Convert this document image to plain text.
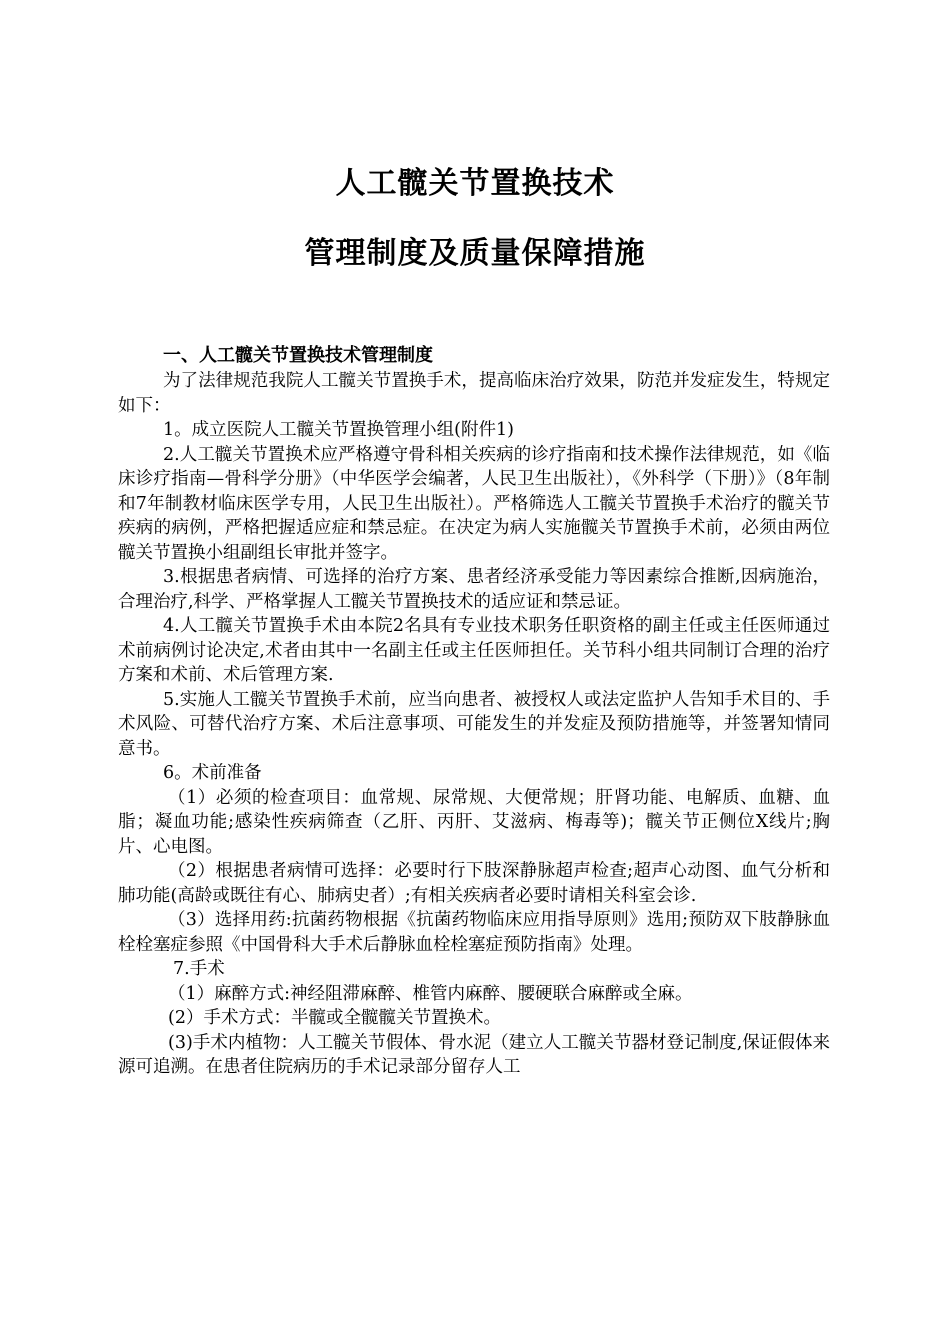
人工髋关节置换技术
管理制度及质量保障措施
一、人工髋关节置换技术管理制度

为了法律规范我院人工髋关节置换手术，提高临床治疗效果，防范并发症发生，特规定如下：

1。成立医院人工髋关节置换管理小组(附件1)

2.人工髋关节置换术应严格遵守骨科相关疾病的诊疗指南和技术操作法律规范，如《临床诊疗指南—骨科学分册》（中华医学会编著，人民卫生出版社），《外科学（下册）》（8年制和7年制教材临床医学专用，人民卫生出版社）。严格筛选人工髋关节置换手术治疗的髋关节疾病的病例，严格把握适应症和禁忌症。在决定为病人实施髋关节置换手术前，必须由两位髋关节置换小组副组长审批并签字。

3.根据患者病情、可选择的治疗方案、患者经济承受能力等因素综合推断,因病施治，合理治疗,科学、严格掌握人工髋关节置换技术的适应证和禁忌证。

4.人工髋关节置换手术由本院2名具有专业技术职务任职资格的副主任或主任医师通过术前病例讨论决定,术者由其中一名副主任或主任医师担任。关节科小组共同制订合理的治疗方案和术前、术后管理方案.

5.实施人工髋关节置换手术前，应当向患者、被授权人或法定监护人告知手术目的、手术风险、可替代治疗方案、术后注意事项、可能发生的并发症及预防措施等，并签署知情同意书。

6。术前准备

（1）必须的检查项目：血常规、尿常规、大便常规；肝肾功能、电解质、血糖、血脂；凝血功能;感染性疾病筛查（乙肝、丙肝、艾滋病、梅毒等)；髋关节正侧位X线片;胸片、心电图。

（2）根据患者病情可选择：必要时行下肢深静脉超声检查;超声心动图、血气分析和肺功能(高龄或既往有心、肺病史者）;有相关疾病者必要时请相关科室会诊.

（3）选择用药:抗菌药物根据《抗菌药物临床应用指导原则》选用;预防双下肢静脉血栓栓塞症参照《中国骨科大手术后静脉血栓栓塞症预防指南》处理。

7.手术

（1）麻醉方式:神经阻滞麻醉、椎管内麻醉、腰硬联合麻醉或全麻。

(2）手术方式：半髋或全髋髋关节置换术。

(3)手术内植物：人工髋关节假体、骨水泥（建立人工髋关节器材登记制度,保证假体来源可追溯。在患者住院病历的手术记录部分留存人工
